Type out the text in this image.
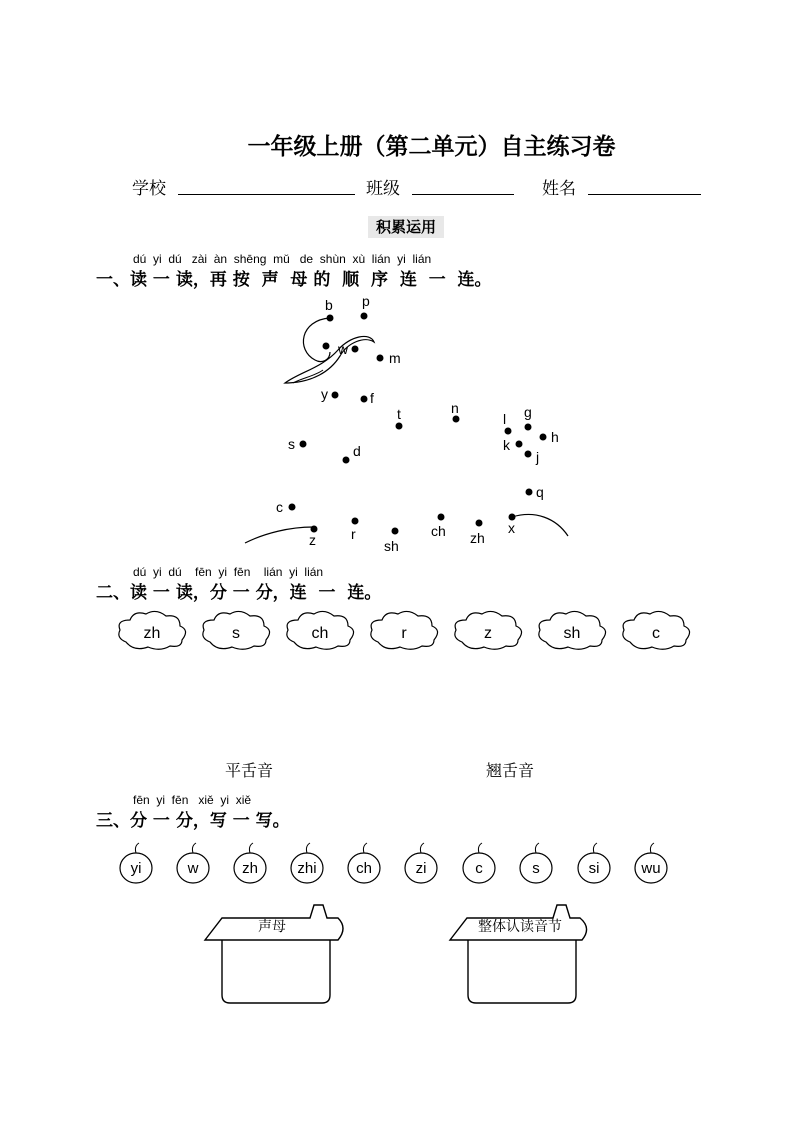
一年级上册（第二单元）自主练习卷
学校	班级	姓名
积累运用
dú  yi  dú   zài  àn  shēng  mǔ   de  shùn  xù  lián  yi  lián
一、读 一 读，再 按  声  母 的  顺  序  连  一  连。
b p
w
m
y	f
t	n
l g
k	h
j
s	d
q
c
z	r
sh
ch zh
x
zh	s	ch	r	z	sh	c
yi	w	zh	zhi	ch	zi	c	s	si	wu
声母	整体认读音节
dú  yi  dú    fēn  yi  fēn    lián  yi  lián
二、读 一 读，分 一 分，连  一  连。
平舌音	翘舌音
fēn  yi  fēn   xiě  yi  xiě
三、分 一 分，写 一 写。
